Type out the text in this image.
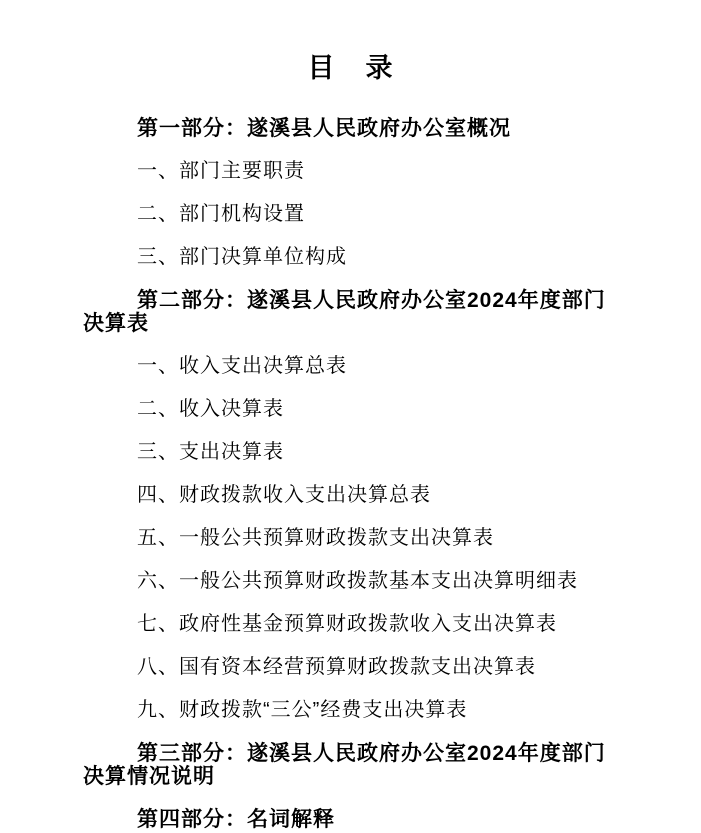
目　录

第一部分：遂溪县人民政府办公室概况

一、部门主要职责

二、部门机构设置

三、部门决算单位构成

第二部分：遂溪县人民政府办公室2024年度部门决算表

一、收入支出决算总表

二、收入决算表

三、支出决算表

四、财政拨款收入支出决算总表

五、一般公共预算财政拨款支出决算表

六、一般公共预算财政拨款基本支出决算明细表

七、政府性基金预算财政拨款收入支出决算表

八、国有资本经营预算财政拨款支出决算表

九、财政拨款“三公”经费支出决算表

第三部分：遂溪县人民政府办公室2024年度部门决算情况说明

第四部分：名词解释
